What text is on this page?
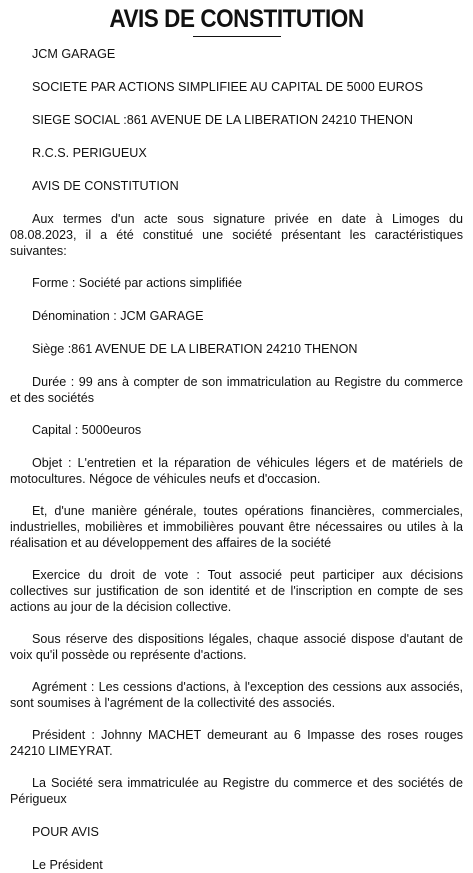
AVIS DE CONSTITUTION

JCM GARAGE

SOCIETE PAR ACTIONS SIMPLIFIEE AU CAPITAL DE 5000 EUROS

SIEGE SOCIAL :861 AVENUE DE LA LIBERATION 24210 THENON

R.C.S. PERIGUEUX

AVIS DE CONSTITUTION

Aux termes d'un acte sous signature privée en date à Limoges du 08.08.2023, il a été constitué une société présentant les caractéristiques suivantes:

Forme : Société par actions simplifiée

Dénomination : JCM GARAGE

Siège :861 AVENUE DE LA LIBERATION 24210 THENON

Durée : 99 ans à compter de son immatriculation au Registre du commerce et des sociétés

Capital : 5000euros

Objet : L'entretien et la réparation de véhicules légers et de matériels de motocultures. Négoce de véhicules neufs et d'occasion.

Et, d'une manière générale, toutes opérations financières, commerciales, industrielles, mobilières et immobilières pouvant être nécessaires ou utiles à la réalisation et au développement des affaires de la société

Exercice du droit de vote : Tout associé peut participer aux décisions collectives sur justification de son identité et de l'inscription en compte de ses actions au jour de la décision collective.

Sous réserve des dispositions légales, chaque associé dispose d'autant de voix qu'il possède ou représente d'actions.

Agrément : Les cessions d'actions, à l'exception des cessions aux associés, sont soumises à l'agrément de la collectivité des associés.

Président : Johnny MACHET demeurant au 6 Impasse des roses rouges 24210 LIMEYRAT.

La Société sera immatriculée au Registre du commerce et des sociétés de Périgueux

POUR AVIS

Le Président
